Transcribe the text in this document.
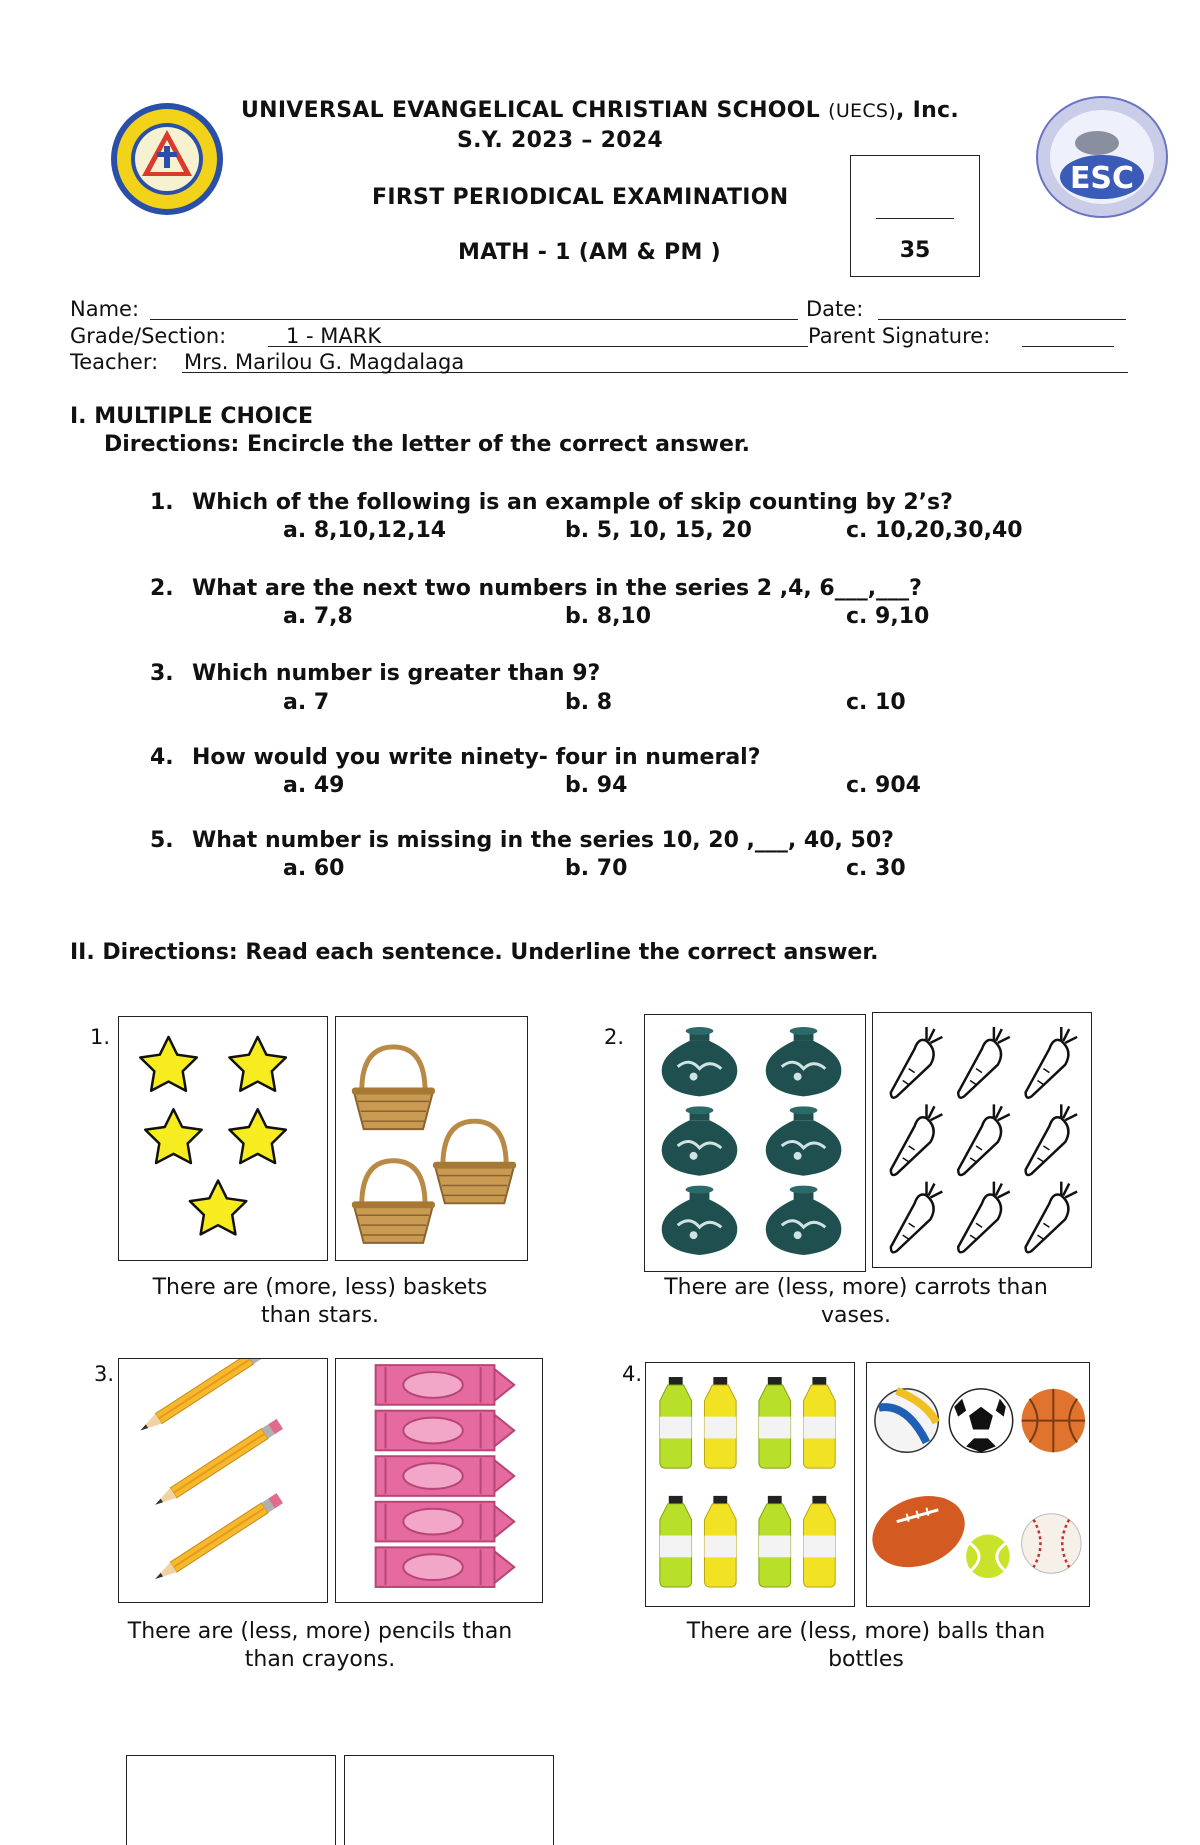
ESC
UNIVERSAL EVANGELICAL CHRISTIAN SCHOOL (UECS), Inc.
S.Y. 2023 – 2024
FIRST PERIODICAL EXAMINATION
MATH - 1 (AM & PM )	35
Name:	Date:
Grade/Section:	1 - MARK	Parent Signature:
Teacher: Mrs. Marilou G. Magdalaga
I. MULTIPLE CHOICE
Directions: Encircle the letter of the correct answer.
1. Which of the following is an example of skip counting by 2’s?
a. 8,10,12,14	b. 5, 10, 15, 20	c. 10,20,30,40
2. What are the next two numbers in the series 2 ,4, 6___,___?
a. 7,8	b. 8,10	c. 9,10
3. Which number is greater than 9?
a. 7	b. 8	c. 10
4. How would you write ninety- four in numeral?
a. 49	b. 94	c. 904
5. What number is missing in the series 10, 20 ,___, 40, 50?
a. 60	b. 70	c. 30
II. Directions: Read each sentence. Underline the correct answer.
1.
There are (more, less) baskets
than stars.
2.
There are (less, more) carrots than
vases.
3.
There are (less, more) pencils than
than crayons.
4.
There are (less, more) balls than
bottles
